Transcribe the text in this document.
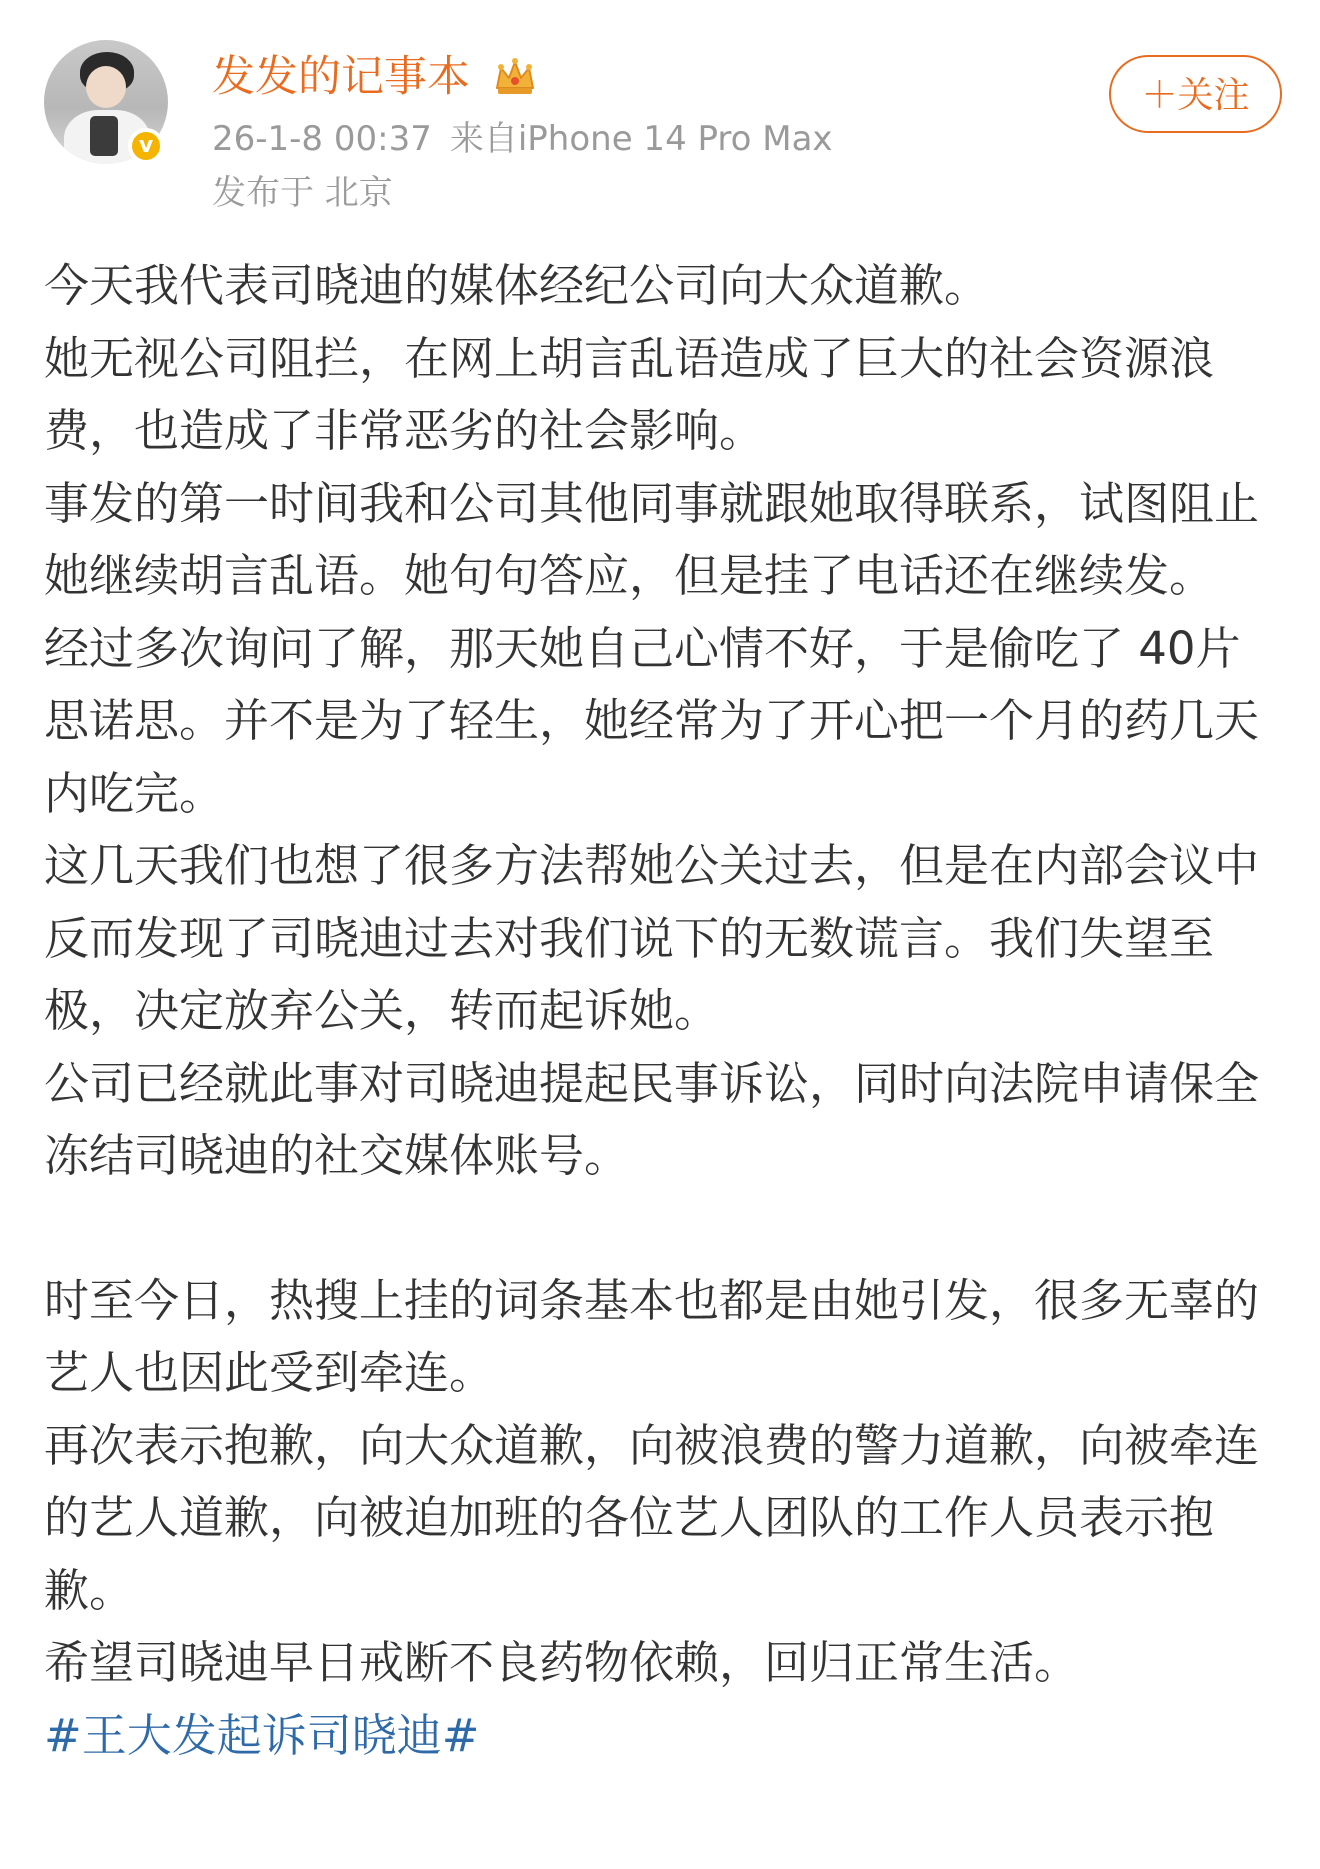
v
发发的记事本
26-1-8 00:37 来自iPhone 14 Pro Max
发布于 北京
＋关注

今天我代表司晓迪的媒体经纪公司向大众道歉。

她无视公司阻拦，在网上胡言乱语造成了巨大的社会资源浪费，也造成了非常恶劣的社会影响。

事发的第一时间我和公司其他同事就跟她取得联系，试图阻止她继续胡言乱语。她句句答应，但是挂了电话还在继续发。

经过多次询问了解，那天她自己心情不好，于是偷吃了 40片思诺思。并不是为了轻生，她经常为了开心把一个月的药几天内吃完。

这几天我们也想了很多方法帮她公关过去，但是在内部会议中反而发现了司晓迪过去对我们说下的无数谎言。我们失望至极，决定放弃公关，转而起诉她。

公司已经就此事对司晓迪提起民事诉讼，同时向法院申请保全冻结司晓迪的社交媒体账号。

时至今日，热搜上挂的词条基本也都是由她引发，很多无辜的艺人也因此受到牵连。

再次表示抱歉，向大众道歉，向被浪费的警力道歉，向被牵连的艺人道歉，向被迫加班的各位艺人团队的工作人员表示抱歉。

希望司晓迪早日戒断不良药物依赖，回归正常生活。

#王大发起诉司晓迪#
